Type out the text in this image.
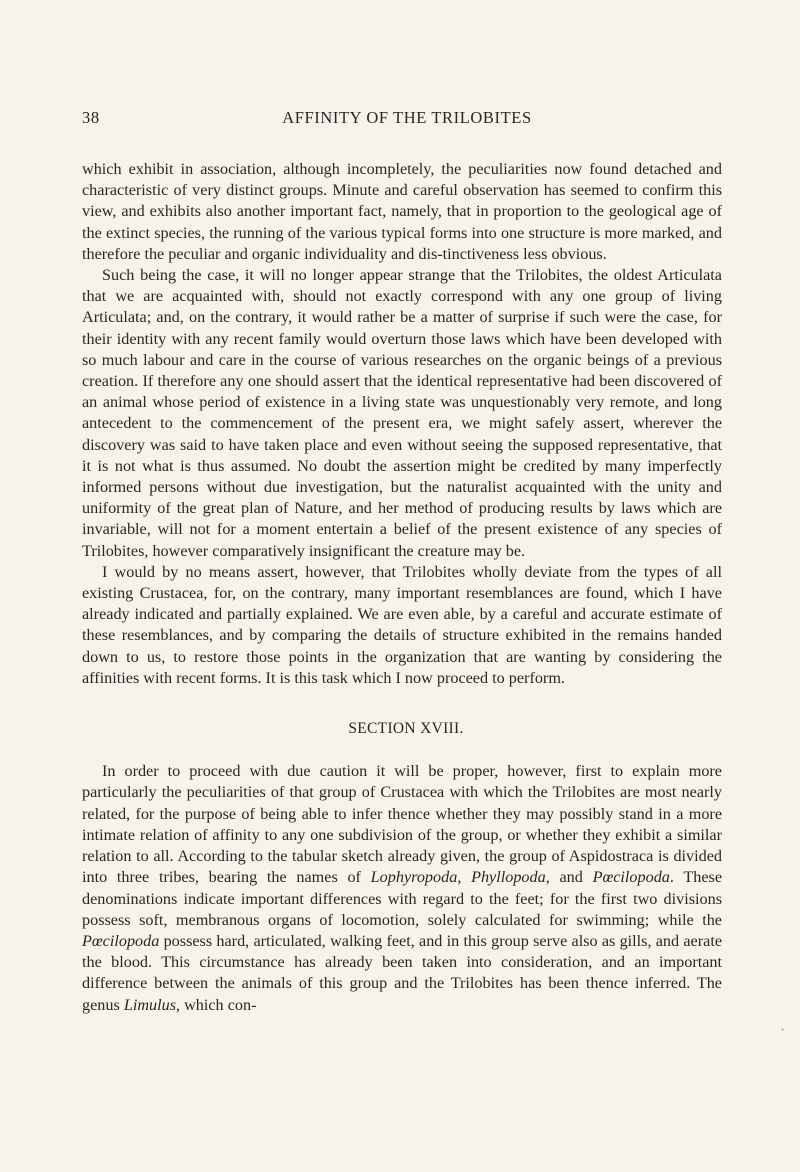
38	AFFINITY OF THE TRILOBITES

which exhibit in association, although incompletely, the peculiarities now found detached and characteristic of very distinct groups. Minute and careful observation has seemed to confirm this view, and exhibits also another important fact, namely, that in proportion to the geological age of the extinct species, the running of the various typical forms into one structure is more marked, and therefore the peculiar and organic individuality and dis-tinctiveness less obvious.

Such being the case, it will no longer appear strange that the Trilobites, the oldest Articulata that we are acquainted with, should not exactly correspond with any one group of living Articulata; and, on the contrary, it would rather be a matter of surprise if such were the case, for their identity with any recent family would overturn those laws which have been developed with so much labour and care in the course of various researches on the organic beings of a previous creation. If therefore any one should assert that the identical representative had been discovered of an animal whose period of existence in a living state was unquestionably very remote, and long antecedent to the commencement of the present era, we might safely assert, wherever the discovery was said to have taken place and even without seeing the supposed representative, that it is not what is thus assumed. No doubt the assertion might be credited by many imperfectly informed persons without due investigation, but the naturalist acquainted with the unity and uniformity of the great plan of Nature, and her method of producing results by laws which are invariable, will not for a moment entertain a belief of the present existence of any species of Trilobites, however comparatively insignificant the creature may be.

I would by no means assert, however, that Trilobites wholly deviate from the types of all existing Crustacea, for, on the contrary, many important resemblances are found, which I have already indicated and partially explained. We are even able, by a careful and accurate estimate of these resemblances, and by comparing the details of structure exhibited in the remains handed down to us, to restore those points in the organization that are wanting by considering the affinities with recent forms. It is this task which I now proceed to perform.

SECTION XVIII.

In order to proceed with due caution it will be proper, however, first to explain more particularly the peculiarities of that group of Crustacea with which the Trilobites are most nearly related, for the purpose of being able to infer thence whether they may possibly stand in a more intimate relation of affinity to any one subdivision of the group, or whether they exhibit a similar relation to all. According to the tabular sketch already given, the group of Aspidostraca is divided into three tribes, bearing the names of Lophyropoda, Phyllopoda, and Pœcilopoda. These denominations indicate important differences with regard to the feet; for the first two divisions possess soft, membranous organs of locomotion, solely calculated for swimming; while the Pœcilopoda possess hard, articulated, walking feet, and in this group serve also as gills, and aerate the blood. This circumstance has already been taken into consideration, and an important difference between the animals of this group and the Trilobites has been thence inferred. The genus Limulus, which con-
